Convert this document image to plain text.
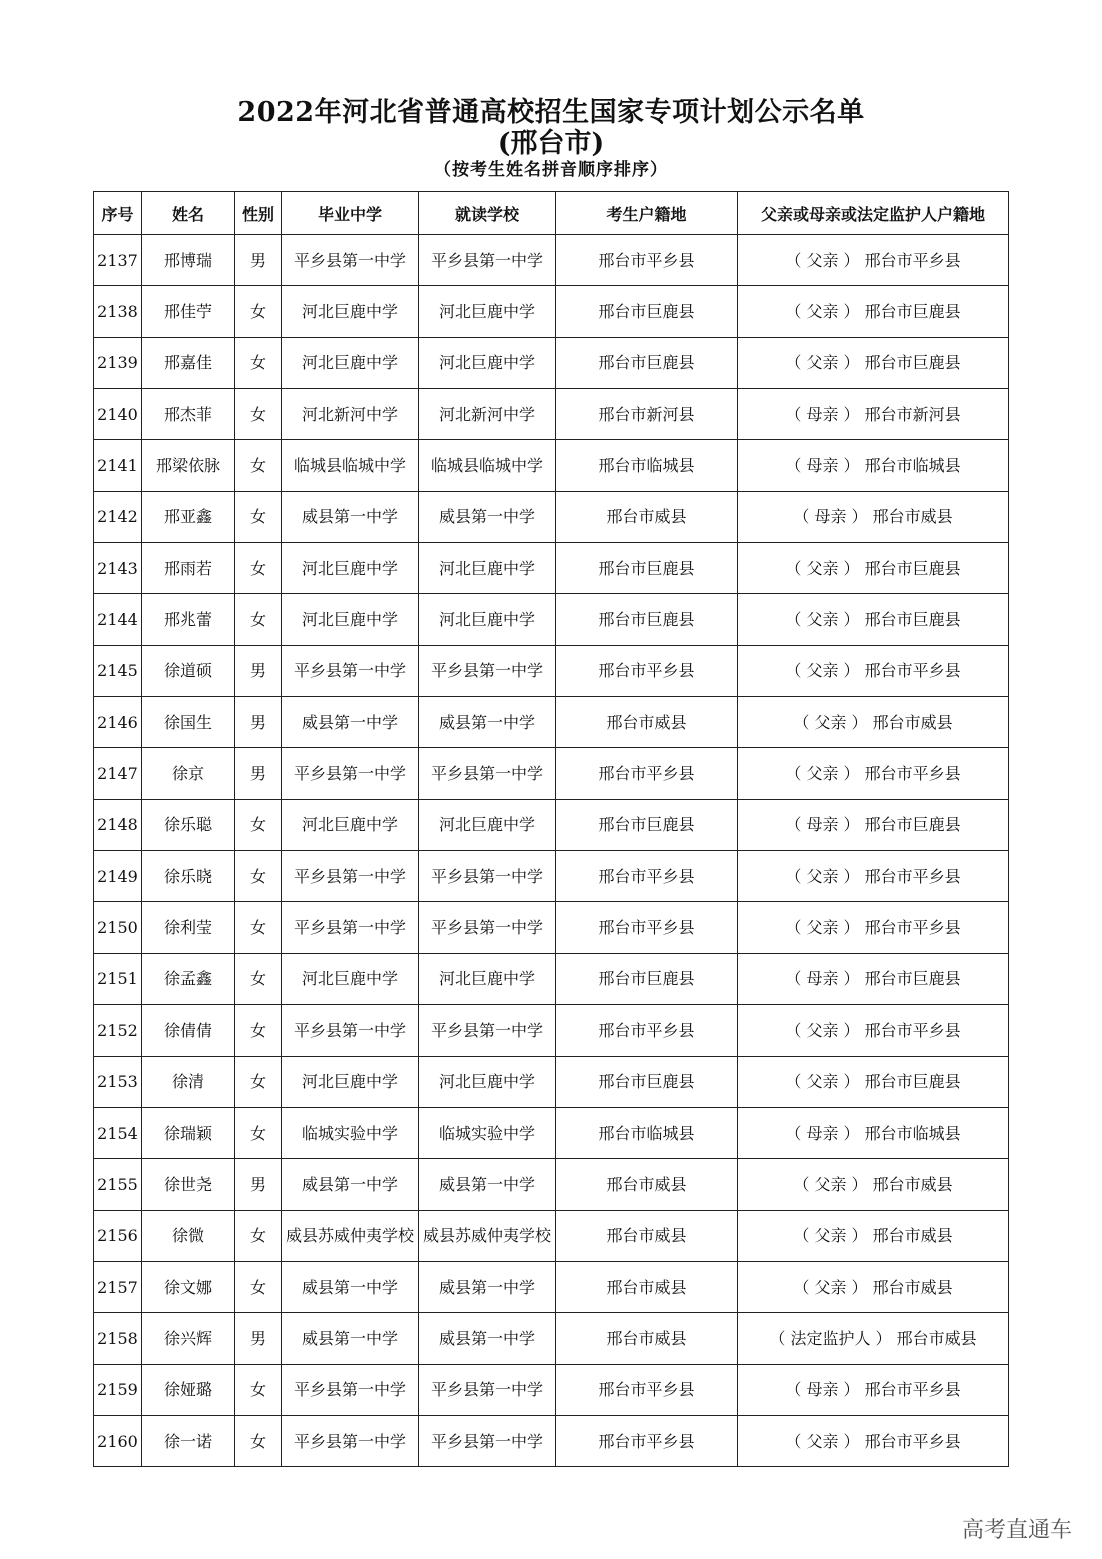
2022年河北省普通高校招生国家专项计划公示名单
(邢台市)
（按考生姓名拼音顺序排序）
序号	姓名	性别	毕业中学	就读学校	考生户籍地	父亲或母亲或法定监护人户籍地
2137	邢博瑞	男	平乡县第一中学	平乡县第一中学	邢台市平乡县	（ 父亲 ） 邢台市平乡县
2138	邢佳苧	女	河北巨鹿中学	河北巨鹿中学	邢台市巨鹿县	（ 父亲 ） 邢台市巨鹿县
2139	邢嘉佳	女	河北巨鹿中学	河北巨鹿中学	邢台市巨鹿县	（ 父亲 ） 邢台市巨鹿县
2140	邢杰菲	女	河北新河中学	河北新河中学	邢台市新河县	（ 母亲 ） 邢台市新河县
2141	邢梁依脉	女	临城县临城中学	临城县临城中学	邢台市临城县	（ 母亲 ） 邢台市临城县
2142	邢亚鑫	女	威县第一中学	威县第一中学	邢台市威县	（ 母亲 ） 邢台市威县
2143	邢雨若	女	河北巨鹿中学	河北巨鹿中学	邢台市巨鹿县	（ 父亲 ） 邢台市巨鹿县
2144	邢兆蕾	女	河北巨鹿中学	河北巨鹿中学	邢台市巨鹿县	（ 父亲 ） 邢台市巨鹿县
2145	徐道硕	男	平乡县第一中学	平乡县第一中学	邢台市平乡县	（ 父亲 ） 邢台市平乡县
2146	徐国生	男	威县第一中学	威县第一中学	邢台市威县	（ 父亲 ） 邢台市威县
2147	徐京	男	平乡县第一中学	平乡县第一中学	邢台市平乡县	（ 父亲 ） 邢台市平乡县
2148	徐乐聪	女	河北巨鹿中学	河北巨鹿中学	邢台市巨鹿县	（ 母亲 ） 邢台市巨鹿县
2149	徐乐晓	女	平乡县第一中学	平乡县第一中学	邢台市平乡县	（ 父亲 ） 邢台市平乡县
2150	徐利莹	女	平乡县第一中学	平乡县第一中学	邢台市平乡县	（ 父亲 ） 邢台市平乡县
2151	徐孟鑫	女	河北巨鹿中学	河北巨鹿中学	邢台市巨鹿县	（ 母亲 ） 邢台市巨鹿县
2152	徐倩倩	女	平乡县第一中学	平乡县第一中学	邢台市平乡县	（ 父亲 ） 邢台市平乡县
2153	徐清	女	河北巨鹿中学	河北巨鹿中学	邢台市巨鹿县	（ 父亲 ） 邢台市巨鹿县
2154	徐瑞颖	女	临城实验中学	临城实验中学	邢台市临城县	（ 母亲 ） 邢台市临城县
2155	徐世尧	男	威县第一中学	威县第一中学	邢台市威县	（ 父亲 ） 邢台市威县
2156	徐微	女	威县苏威仲夷学校	威县苏威仲夷学校	邢台市威县	（ 父亲 ） 邢台市威县
2157	徐文娜	女	威县第一中学	威县第一中学	邢台市威县	（ 父亲 ） 邢台市威县
2158	徐兴辉	男	威县第一中学	威县第一中学	邢台市威县	（ 法定监护人 ） 邢台市威县
2159	徐娅璐	女	平乡县第一中学	平乡县第一中学	邢台市平乡县	（ 母亲 ） 邢台市平乡县
2160	徐一诺	女	平乡县第一中学	平乡县第一中学	邢台市平乡县	（ 父亲 ） 邢台市平乡县
高考直通车
